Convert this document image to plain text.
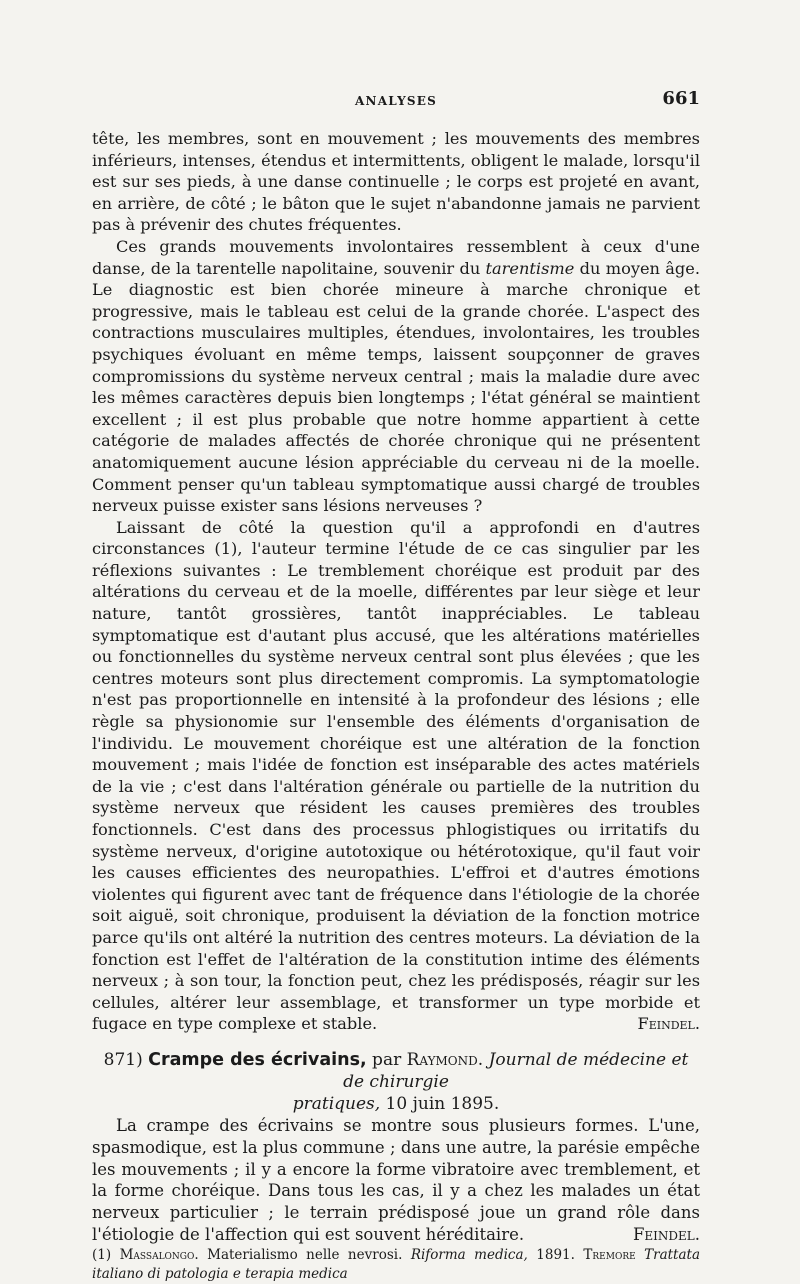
ANALYSES	661

tête, les membres, sont en mouvement ; les mouvements des membres inférieurs, intenses, étendus et intermittents, obligent le malade, lorsqu'il est sur ses pieds, à une danse continuelle ; le corps est projeté en avant, en arrière, de côté ; le bâton que le sujet n'abandonne jamais ne parvient pas à prévenir des chutes fréquentes.

Ces grands mouvements involontaires ressemblent à ceux d'une danse, de la tarentelle napolitaine, souvenir du tarentisme du moyen âge. Le diagnostic est bien chorée mineure à marche chronique et progressive, mais le tableau est celui de la grande chorée. L'aspect des contractions musculaires multiples, étendues, involontaires, les troubles psychiques évoluant en même temps, laissent soupçonner de graves compromissions du système nerveux central ; mais la maladie dure avec les mêmes caractères depuis bien longtemps ; l'état général se maintient excellent ; il est plus probable que notre homme appartient à cette catégorie de malades affectés de chorée chronique qui ne présentent anatomiquement aucune lésion appréciable du cerveau ni de la moelle. Comment penser qu'un tableau symptomatique aussi chargé de troubles nerveux puisse exister sans lésions nerveuses ?

Laissant de côté la question qu'il a approfondi en d'autres circonstances (1), l'auteur termine l'étude de ce cas singulier par les réflexions suivantes : Le tremblement choréique est produit par des altérations du cerveau et de la moelle, différentes par leur siège et leur nature, tantôt grossières, tantôt inappréciables. Le tableau symptomatique est d'autant plus accusé, que les altérations matérielles ou fonctionnelles du système nerveux central sont plus élevées ; que les centres moteurs sont plus directement compromis. La symptomatologie n'est pas proportionnelle en intensité à la profondeur des lésions ; elle règle sa physionomie sur l'ensemble des éléments d'organisation de l'individu. Le mouvement choréique est une altération de la fonction mouvement ; mais l'idée de fonction est inséparable des actes matériels de la vie ; c'est dans l'altération générale ou partielle de la nutrition du système nerveux que résident les causes premières des troubles fonctionnels. C'est dans des processus phlogistiques ou irritatifs du système nerveux, d'origine autotoxique ou hétérotoxique, qu'il faut voir les causes efficientes des neuropathies. L'effroi et d'autres émotions violentes qui figurent avec tant de fréquence dans l'étiologie de la chorée soit aiguë, soit chronique, produisent la déviation de la fonction motrice parce qu'ils ont altéré la nutrition des centres moteurs. La déviation de la fonction est l'effet de l'altération de la constitution intime des éléments nerveux ; à son tour, la fonction peut, chez les prédisposés, réagir sur les cellules, altérer leur assemblage, et transformer un type morbide et fugace en type complexe et stable.	Feindel.

871) Crampe des écrivains, par Raymond. Journal de médecine et de chirurgie
pratiques, 10 juin 1895.

La crampe des écrivains se montre sous plusieurs formes. L'une, spasmodique, est la plus commune ; dans une autre, la parésie empêche les mouvements ; il y a encore la forme vibratoire avec tremblement, et la forme choréique. Dans tous les cas, il y a chez les malades un état nerveux particulier ; le terrain prédisposé joue un grand rôle dans l'étiologie de l'affection qui est souvent héréditaire.	Feindel.

(1) Massalongo. Materialismo nelle nevrosi. Riforma medica, 1891. Tremore Trattata italiano di patologia e terapia medica
